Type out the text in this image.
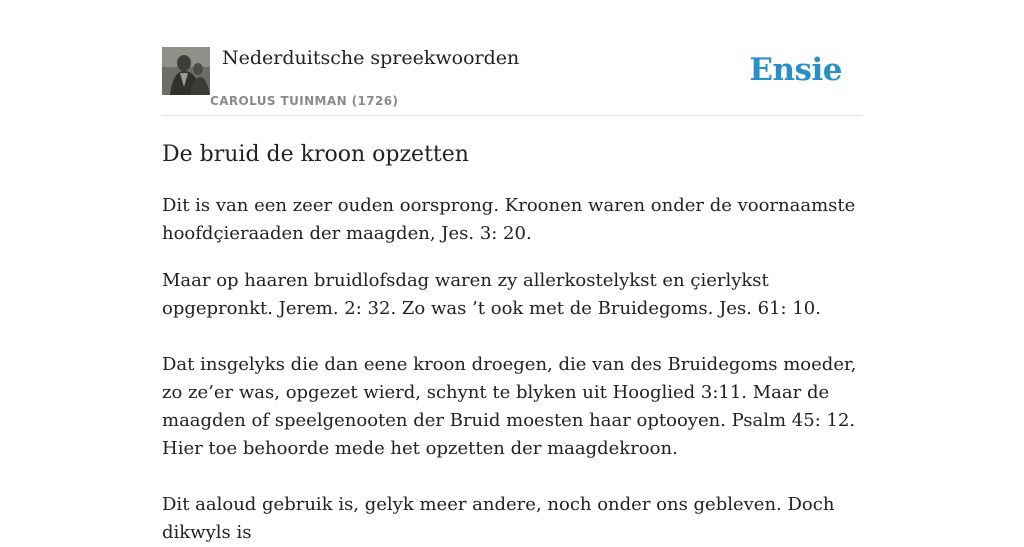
Nederduitsche spreekwoorden
CAROLUS TUINMAN (1726)
Ensie
De bruid de kroon opzetten

Dit is van een zeer ouden oorsprong. Kroonen waren onder de voornaamste hoofdçieraaden der maagden, Jes. 3: 20.

Maar op haaren bruidlofsdag waren zy allerkostelykst en çierlykst opgepronkt. Jerem. 2: 32. Zo was ’t ook met de Bruidegoms. Jes. 61: 10.

Dat insgelyks die dan eene kroon droegen, die van des Bruidegoms moeder, zo ze’er was, opgezet wierd, schynt te blyken uit Hooglied 3:11. Maar de maagden of speelgenooten der Bruid moesten haar optooyen. Psalm 45: 12. Hier toe behoorde mede het opzetten der maagdekroon.

Dit aaloud gebruik is, gelyk meer andere, noch onder ons gebleven. Doch dikwyls is
